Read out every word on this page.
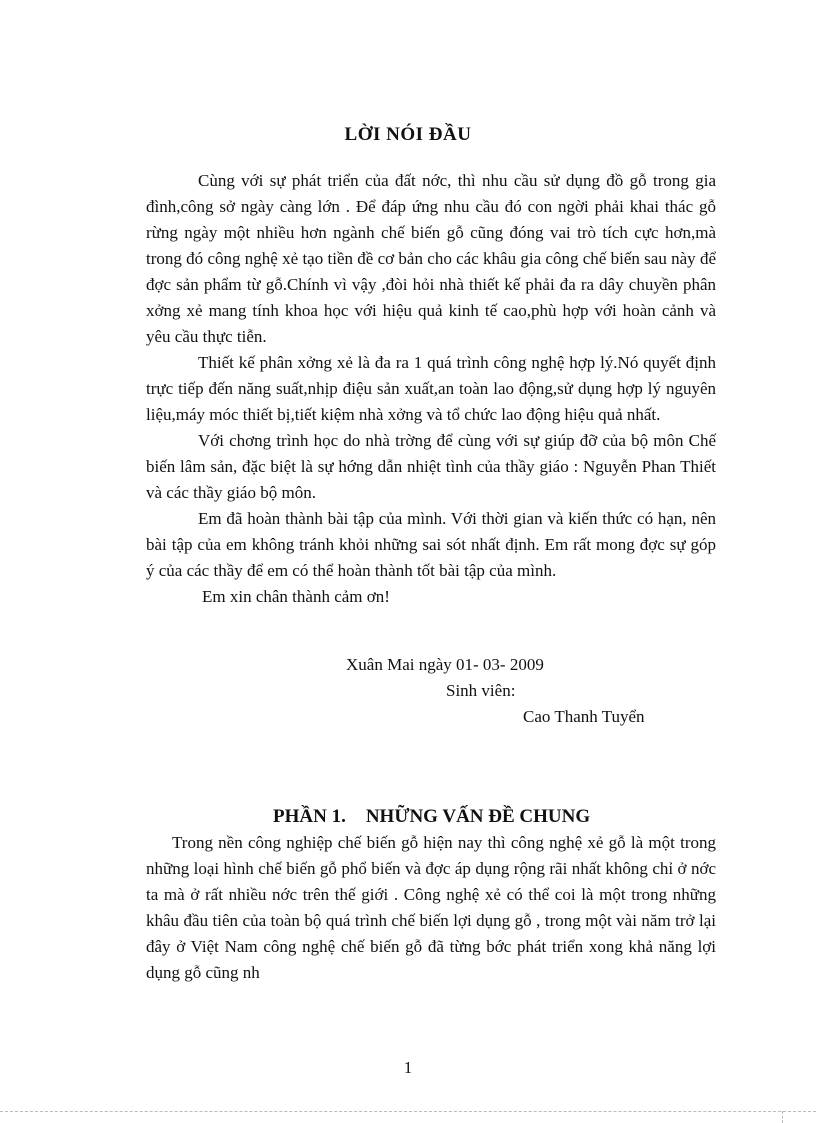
LỜI NÓI ĐẦU

Cùng với sự phát triển của đất nớc, thì nhu cầu sử dụng đồ gỗ trong gia đình,công sở ngày càng lớn . Để đáp ứng nhu cầu đó con ngời phải khai thác gỗ rừng ngày một nhiều hơn ngành chế biến gỗ cũng đóng vai trò tích cực hơn,mà trong đó công nghệ xẻ tạo tiền đề cơ bản cho các khâu gia công chế biến sau này để đợc sản phẩm từ gỗ.Chính vì vậy ,đòi hỏi nhà thiết kế phải đa ra dây chuyền phân xởng xẻ mang tính khoa học với hiệu quả kinh tế cao,phù hợp với hoàn cảnh và yêu cầu thực tiễn.

Thiết kế phân xởng xẻ là đa ra 1 quá trình công nghệ hợp lý.Nó quyết định trực tiếp đến năng suất,nhịp điệu sản xuất,an toàn lao động,sử dụng hợp lý nguyên liệu,máy móc thiết bị,tiết kiệm nhà xởng và tổ chức lao động hiệu quả nhất.

Với chơng trình học do nhà trờng để cùng với sự giúp đỡ của bộ môn Chế biến lâm sản, đặc biệt là sự hớng dẫn nhiệt tình của thầy giáo : Nguyễn Phan Thiết và các thầy giáo bộ môn.

Em đã hoàn thành bài tập của mình. Với thời gian và kiến thức có hạn, nên bài tập của em không tránh khỏi những sai sót nhất định. Em rất mong đợc sự góp ý của các thầy để em có thể hoàn thành tốt bài tập của mình.

Em xin chân thành cảm ơn!

Xuân Mai ngày 01- 03- 2009
Sinh viên:
Cao Thanh Tuyển
PHẦN 1. NHỮNG VẤN ĐỀ CHUNG

Trong nền công nghiệp chế biến gỗ hiện nay thì công nghệ xẻ gỗ là một trong những loại hình chế biến gỗ phổ biến và đợc áp dụng rộng rãi nhất không chỉ ở nớc ta mà ở rất nhiều nớc trên thế giới . Công nghệ xẻ có thể coi là một trong những khâu đầu tiên của toàn bộ quá trình chế biến lợi dụng gỗ , trong một vài năm trở lại đây ở Việt Nam công nghệ chế biến gỗ đã từng bớc phát triển xong khả năng lợi dụng gỗ cũng nh

1
